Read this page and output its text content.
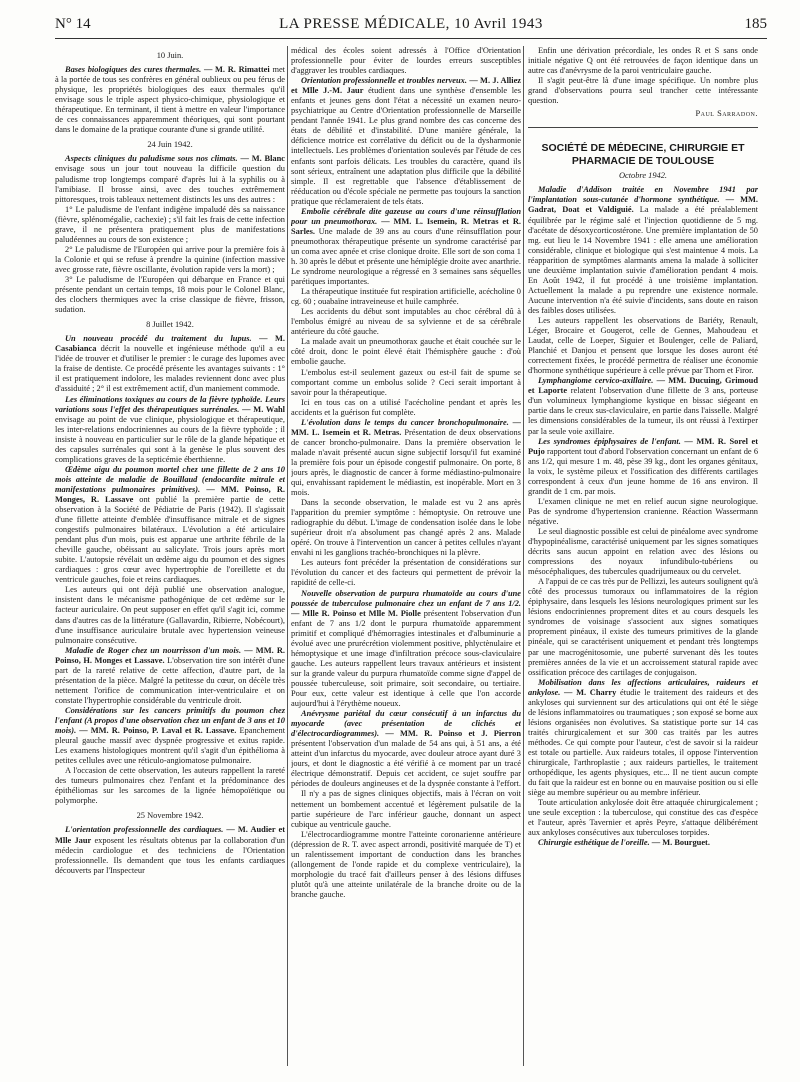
N° 14	LA PRESSE MÉDICALE, 10 Avril 1943	185

10 Juin.

Bases biologiques des cures thermales. — M. R. Rimattei met à la portée de tous ses confrères en général oublieux ou peu férus de physique, les propriétés biologiques des eaux thermales qu'il envisage sous le triple aspect physico-chimique, physiologique et thérapeutique. En terminant, il tient à mettre en valeur l'importance de ces connaissances apparemment théoriques, qui sont pourtant dans le domaine de la pratique courante d'une si grande utilité.

24 Juin 1942.

Aspects cliniques du paludisme sous nos climats. — M. Blanc envisage sous un jour tout nouveau la difficile question du paludisme trop longtemps comparé d'après lui à la syphilis ou à l'amibiase. Il brosse ainsi, avec des touches extrêmement pittoresques, trois tableaux nettement distincts les uns des autres :

1° Le paludisme de l'enfant indigène impaludé dès sa naissance (fièvre, splénomégalie, cachexie) ; s'il fait les frais de cette infection grave, il ne présentera pratiquement plus de manifestations paludéennes au cours de son existence ;

2° Le paludisme de l'Européen qui arrive pour la première fois à la Colonie et qui se refuse à prendre la quinine (infection massive avec grosse rate, fièvre oscillante, évolution rapide vers la mort) ;

3° Le paludisme de l'Européen qui débarque en France et qui présente pendant un certain temps, 18 mois pour le Colonel Blanc, des clochers thermiques avec la crise classique de fièvre, frisson, sudation.

8 Juillet 1942.

Un nouveau procédé du traitement du lupus. — M. Casabianca décrit la nouvelle et ingénieuse méthode qu'il a eu l'idée de trouver et d'utiliser le premier : le curage des lupomes avec la fraise de dentiste. Ce procédé présente les avantages suivants : 1° il est pratiquement indolore, les malades reviennent donc avec plus d'assiduité ; 2° il est extrêmement actif, d'un maniement commode.

Les éliminations toxiques au cours de la fièvre typhoïde. Leurs variations sous l'effet des thérapeutiques surrénales. — M. Wahl envisage au point de vue clinique, physiologique et thérapeutique, les inter-relations endocriniennes au cours de la fièvre typhoïde ; il insiste à nouveau en particulier sur le rôle de la glande hépatique et des capsules surrénales qui sont à la genèse le plus souvent des complications graves de la septicémie éberthienne.

Œdème aigu du poumon mortel chez une fillette de 2 ans 10 mois atteinte de maladie de Bouillaud (endocardite mitrale et manifestations pulmonaires primitives). — MM. Poinso, R. Monges, R. Lassave ont publié la première partie de cette observation à la Société de Pédiatrie de Paris (1942). Il s'agissait d'une fillette atteinte d'emblée d'insuffisance mitrale et de signes congestifs pulmonaires bilatéraux. L'évolution a été articulaire pendant plus d'un mois, puis est apparue une arthrite fébrile de la cheville gauche, obéissant au salicylate. Trois jours après mort subite. L'autopsie révélait un œdème aigu du poumon et des signes cardiaques : gros cœur avec hypertrophie de l'oreillette et du ventricule gauches, foie et reins cardiaques.

Les auteurs qui ont déjà publié une observation analogue, insistent dans le mécanisme pathogénique de cet œdème sur le facteur auriculaire. On peut supposer en effet qu'il s'agit ici, comme dans d'autres cas de la littérature (Gallavardin, Ribierre, Nobécourt), d'une insuffisance auriculaire brutale avec hypertension veineuse pulmonaire consécutive.

Maladie de Roger chez un nourrisson d'un mois. — MM. R. Poinso, H. Monges et Lassave. L'observation tire son intérêt d'une part de la rareté relative de cette affection, d'autre part, de la présentation de la pièce. Malgré la petitesse du cœur, on décèle très nettement l'orifice de communication inter-ventriculaire et on constate l'hypertrophie considérable du ventricule droit.

Considérations sur les cancers primitifs du poumon chez l'enfant (A propos d'une observation chez un enfant de 3 ans et 10 mois). — MM. R. Poinso, P. Laval et R. Lassave. Epanchement pleural gauche massif avec dyspnée progressive et exitus rapide. Les examens histologiques montrent qu'il s'agit d'un épithélioma à petites cellules avec une réticulo-angiomatose pulmonaire.

A l'occasion de cette observation, les auteurs rappellent la rareté des tumeurs pulmonaires chez l'enfant et la prédominance des épithéliomas sur les sarcomes de la lignée hémopoïétique ou polymorphe.

25 Novembre 1942.

L'orientation professionnelle des cardiaques. — M. Audier et Mlle Jaur exposent les résultats obtenus par la collaboration d'un médecin cardiologue et des techniciens de l'Orientation professionnelle. Ils demandent que tous les enfants cardiaques découverts par l'Inspecteur

médical des écoles soient adressés à l'Office d'Orientation professionnelle pour éviter de lourdes erreurs susceptibles d'aggraver les troubles cardiaques.

Orientation professionnelle et troubles nerveux. — M. J. Alliez et Mlle J.-M. Jaur étudient dans une synthèse d'ensemble les enfants et jeunes gens dont l'état a nécessité un examen neuro-psychiatrique au Centre d'Orientation professionnelle de Marseille pendant l'année 1941. Le plus grand nombre des cas concerne des états de débilité et d'instabilité. D'une manière générale, la déficience motrice est corrélative du déficit ou de la dysharmonie intellectuels. Les problèmes d'orientation soulevés par l'étude de ces enfants sont parfois délicats. Les troubles du caractère, quand ils sont sérieux, entraînent une adaptation plus difficile que la débilité simple. Il est regrettable que l'absence d'établissement de rééducation ou d'école spéciale ne permette pas toujours la sanction pratique que réclameraient de tels états.

Embolie cérébrale dite gazeuse au cours d'une réinsufflation pour un pneumothorax. — MM. L. Isemein, R. Metras et R. Sarles. Une malade de 39 ans au cours d'une réinsufflation pour pneumothorax thérapeutique présente un syndrome caractérisé par un coma avec apnée et crise clonique droite. Elle sort de son coma 1 h. 30 après le début et présente une hémiplégie droite avec anarthrie. Le syndrome neurologique a régressé en 3 semaines sans séquelles parétiques importantes.

La thérapeutique instituée fut respiration artificielle, acécholine 0 cg. 60 ; ouabaïne intraveineuse et huile camphrée.

Les accidents du début sont imputables au choc cérébral dû à l'embolus émigré au niveau de sa sylvienne et de sa cérébrale antérieure du côté gauche.

La malade avait un pneumothorax gauche et était couchée sur le côté droit, donc le point élevé était l'hémisphère gauche : d'où embolie gauche.

L'embolus est-il seulement gazeux ou est-il fait de spume se comportant comme un embolus solide ? Ceci serait important à savoir pour la thérapeutique.

Ici en tous cas on a utilisé l'acécholine pendant et après les accidents et la guérison fut complète.

L'évolution dans le temps du cancer bronchopulmonaire. — MM. L. Isemein et R. Metras. Présentation de deux observations de cancer broncho-pulmonaire. Dans la première observation le malade n'avait présenté aucun signe subjectif lorsqu'il fut examiné la première fois pour un épisode congestif pulmonaire. On porte, 8 jours après, le diagnostic de cancer à forme médiastino-pulmonaire qui, envahissant rapidement le médiastin, est inopérable. Mort en 3 mois.

Dans la seconde observation, le malade est vu 2 ans après l'apparition du premier symptôme : hémoptysie. On retrouve une radiographie du début. L'image de condensation isolée dans le lobe supérieur droit n'a absolument pas changé après 2 ans. Malade opéré. On trouve à l'intervention un cancer à petites cellules n'ayant envahi ni les ganglions trachéo-bronchiques ni la plèvre.

Les auteurs font précéder la présentation de considérations sur l'évolution du cancer et des facteurs qui permettent de prévoir la rapidité de celle-ci.

Nouvelle observation de purpura rhumatoïde au cours d'une poussée de tuberculose pulmonaire chez un enfant de 7 ans 1/2. — Mlle R. Poinso et Mlle M. Piolle présentent l'observation d'un enfant de 7 ans 1/2 dont le purpura rhumatoïde apparemment primitif et compliqué d'hémorragies intestinales et d'albuminurie a évolué avec une prurécrétion violemment positive, phlyctènulaire et hémoptysique et une image d'infiltration précoce sous-claviculaire gauche. Les auteurs rappellent leurs travaux antérieurs et insistent sur la grande valeur du purpura rhumatoïde comme signe d'appel de poussée tuberculeuse, soit primaire, soit secondaire, ou tertiaire. Pour eux, cette valeur est identique à celle que l'on accorde aujourd'hui à l'érythème noueux.

Anévrysme pariétal du cœur consécutif à un infarctus du myocarde (avec présentation de clichés et d'électrocardiogrammes). — MM. R. Poinso et J. Pierron présentent l'observation d'un malade de 54 ans qui, à 51 ans, a été atteint d'un infarctus du myocarde, avec douleur atroce ayant duré 3 jours, et dont le diagnostic a été vérifié à ce moment par un tracé électrique démonstratif. Depuis cet accident, ce sujet souffre par périodes de douleurs angineuses et de la dyspnée constante à l'effort.

Il n'y a pas de signes cliniques objectifs, mais à l'écran on voit nettement un bombement accentué et légèrement pulsatile de la partie supérieure de l'arc inférieur gauche, donnant un aspect cubique au ventricule gauche.

L'électrocardiogramme montre l'atteinte coronarienne antérieure (dépression de R. T. avec aspect arrondi, positivité marquée de T) et un ralentissement important de conduction dans les branches (allongement de l'onde rapide et du complexe ventriculaire), la morphologie du tracé fait d'ailleurs penser à des lésions diffuses plutôt qu'à une atteinte unilatérale de la branche droite ou de la branche gauche.

Enfin une dérivation précordiale, les ondes R et S sans onde initiale négative Q ont été retrouvées de façon identique dans un autre cas d'anévrysme de la paroi ventriculaire gauche.

Il s'agit peut-être là d'une image spécifique. Un nombre plus grand d'observations pourra seul trancher cette intéressante question.

Paul Sarradon.

SOCIÉTÉ DE MÉDECINE, CHIRURGIE ET PHARMACIE DE TOULOUSE

Octobre 1942.

Maladie d'Addison traitée en Novembre 1941 par l'implantation sous-cutanée d'hormone synthétique. — MM. Gadrat, Doat et Valdiguié. La malade a été préalablement équilibrée par le régime salé et l'injection quotidienne de 5 mg. d'acétate de désoxycorticostérone. Une première implantation de 50 mg. eut lieu le 14 Novembre 1941 : elle amena une amélioration considérable, clinique et biologique qui s'est maintenue 4 mois. La réapparition de symptômes alarmants amena la malade à solliciter une deuxième implantation suivie d'amélioration pendant 4 mois. En Août 1942, il fut procédé à une troisième implantation. Actuellement la malade a pu reprendre une existence normale. Aucune intervention n'a été suivie d'incidents, sans doute en raison des faibles doses utilisées.

Les auteurs rappellent les observations de Bariéty, Renault, Léger, Brocaire et Gougerot, celle de Gennes, Mahoudeau et Laudat, celle de Loeper, Siguier et Boulenger, celle de Paliard, Planchié et Danjou et pensent que lorsque les doses auront été correctement fixées, le procédé permettra de réaliser une économie d'hormone synthétique supérieure à celle prévue par Thorn et Firor.

Lymphangiome cervico-axillaire. — MM. Ducuing, Grimoud et Laporte relatent l'observation d'une fillette de 3 ans, porteuse d'un volumineux lymphangiome kystique en bissac siégeant en partie dans le creux sus-claviculaire, en partie dans l'aisselle. Malgré les dimensions considérables de la tumeur, ils ont réussi à l'extirper par la seule voie axillaire.

Les syndromes épiphysaires de l'enfant. — MM. R. Sorel et Pujo rapportent tout d'abord l'observation concernant un enfant de 6 ans 1/2, qui mesure 1 m. 48, pèse 39 kg., dont les organes génitaux, la voix, le système pileux et l'ossification des différents cartilages correspondent à ceux d'un jeune homme de 16 ans environ. Il grandit de 1 cm. par mois.

L'examen clinique ne met en relief aucun signe neurologique. Pas de syndrome d'hypertension cranienne. Réaction Wassermann négative.

Le seul diagnostic possible est celui de pinéalome avec syndrome d'hypopinéalisme, caractérisé uniquement par les signes somatiques décrits sans aucun appoint en relation avec des lésions ou compressions des noyaux infundibulo-tubériens ou mésocéphaliques, des tubercules quadrijumeaux ou du cervelet.

A l'appui de ce cas très pur de Pellizzi, les auteurs soulignent qu'à côté des processus tumoraux ou inflammatoires de la région épiphysaire, dans lesquels les lésions neurologiques priment sur les lésions endocriniennes proprement dites et au cours desquels les syndromes de voisinage s'associent aux signes somatiques proprement pinéaux, il existe des tumeurs primitives de la glande pinéale, qui se caractérisent uniquement et pendant très longtemps par une macrogénitosomie, une puberté survenant dès les toutes premières années de la vie et un accroissement statural rapide avec ossification précoce des cartilages de conjugaison.

Mobilisation dans les affections articulaires, raideurs et ankylose. — M. Charry étudie le traitement des raideurs et des ankyloses qui surviennent sur des articulations qui ont été le siège de lésions inflammatoires ou traumatiques ; son exposé se borne aux lésions organisées non évolutives. Sa statistique porte sur 14 cas traités chirurgicalement et sur 300 cas traités par les autres méthodes. Ce qui compte pour l'auteur, c'est de savoir si la raideur est totale ou partielle. Aux raideurs totales, il oppose l'intervention chirurgicale, l'arthroplastie ; aux raideurs partielles, le traitement orthopédique, les agents physiques, etc... Il ne tient aucun compte du fait que la raideur est en bonne ou en mauvaise position ou si elle siège au membre supérieur ou au membre inférieur.

Toute articulation ankylosée doit être attaquée chirurgicalement ; une seule exception : la tuberculose, qui constitue des cas d'espèce et l'auteur, après Tavernier et après Peyre, s'attaque délibérément aux ankyloses consécutives aux tuberculoses torpides.

Chirurgie esthétique de l'oreille. — M. Bourguet.
